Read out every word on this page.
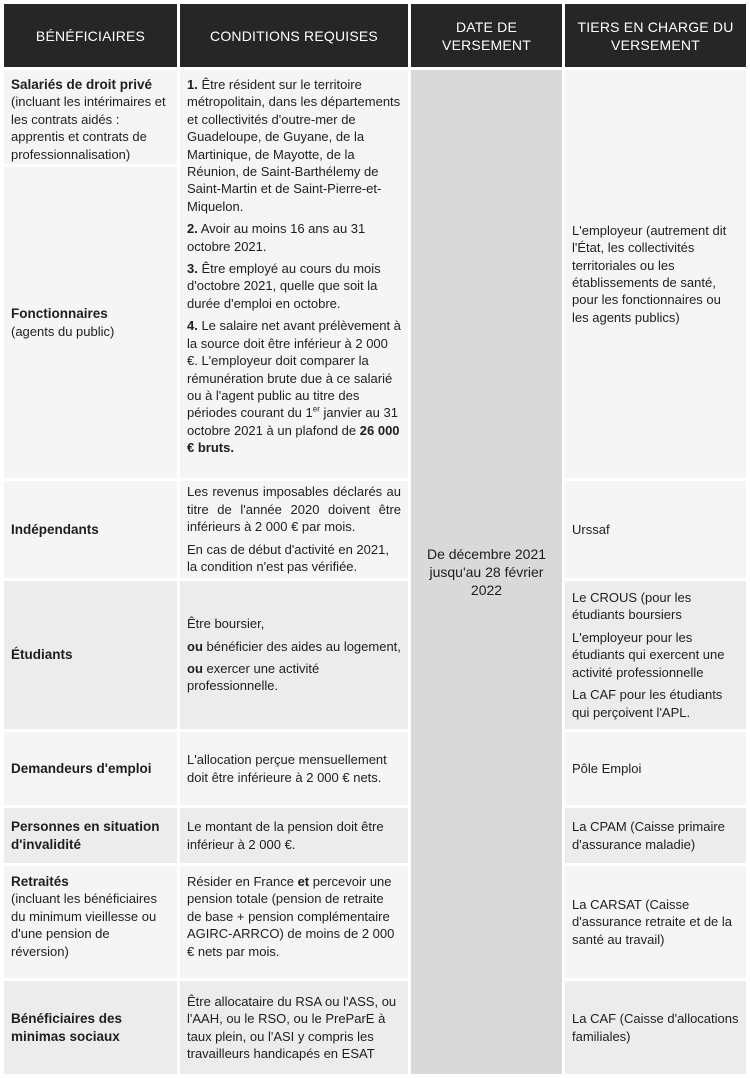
BÉNÉFICIAIRES	CONDITIONS REQUISES
DATE DE
VERSEMENT
TIERS EN CHARGE DU
VERSEMENT
De décembre 2021
jusqu'au 28 février
2022
Salariés de droit privé
(incluant les intérimaires et les contrats aidés : apprentis et contrats de professionnalisation)
Fonctionnaires
(agents du public)

1. Être résident sur le territoire métropolitain, dans les départements et collectivités d'outre-mer de Guadeloupe, de Guyane, de la Martinique, de Mayotte, de la Réunion, de Saint-Barthélemy de Saint-Martin et de Saint-Pierre-et-Miquelon.

2. Avoir au moins 16 ans au 31 octobre 2021.

3. Être employé au cours du mois d'octobre 2021, quelle que soit la durée d'emploi en octobre.

4. Le salaire net avant prélèvement à la source doit être inférieur à 2 000 €. L'employeur doit comparer la rémunération brute due à ce salarié ou à l'agent public au titre des périodes courant du 1er janvier au 31 octobre 2021 à un plafond de 26 000 € bruts.

L'employeur (autrement dit l'État, les collectivités territoriales ou les établissements de santé, pour les fonctionnaires ou les agents publics)
Indépendants

Les revenus imposables déclarés au titre de l'année 2020 doivent être inférieurs à 2 000 € par mois.

En cas de début d'activité en 2021, la condition n'est pas vérifiée.

Urssaf
Étudiants

Être boursier,

ou bénéficier des aides au logement,

ou exercer une activité professionnelle.

Le CROUS (pour les étudiants boursiers

L'employeur pour les étudiants qui exercent une activité professionnelle

La CAF pour les étudiants qui perçoivent l'APL.

Demandeurs d'emploi
L'allocation perçue mensuellement doit être inférieure à 2 000 € nets.
Pôle Emploi
Personnes en situation d'invalidité
Le montant de la pension doit être inférieur à 2 000 €.
La CPAM (Caisse primaire d'assurance maladie)
Retraités
(incluant les bénéficiaires du minimum vieillesse ou d'une pension de réversion)
Résider en France et percevoir une pension totale (pension de retraite de base + pension complémentaire AGIRC-ARRCO) de moins de 2 000 € nets par mois.
La CARSAT (Caisse d'assurance retraite et de la santé au travail)
Bénéficiaires des minimas sociaux
Être allocataire du RSA ou l'ASS, ou l'AAH, ou le RSO, ou le PreParE à taux plein, ou l'ASI y compris les travailleurs handicapés en ESAT
La CAF (Caisse d'allocations familiales)
